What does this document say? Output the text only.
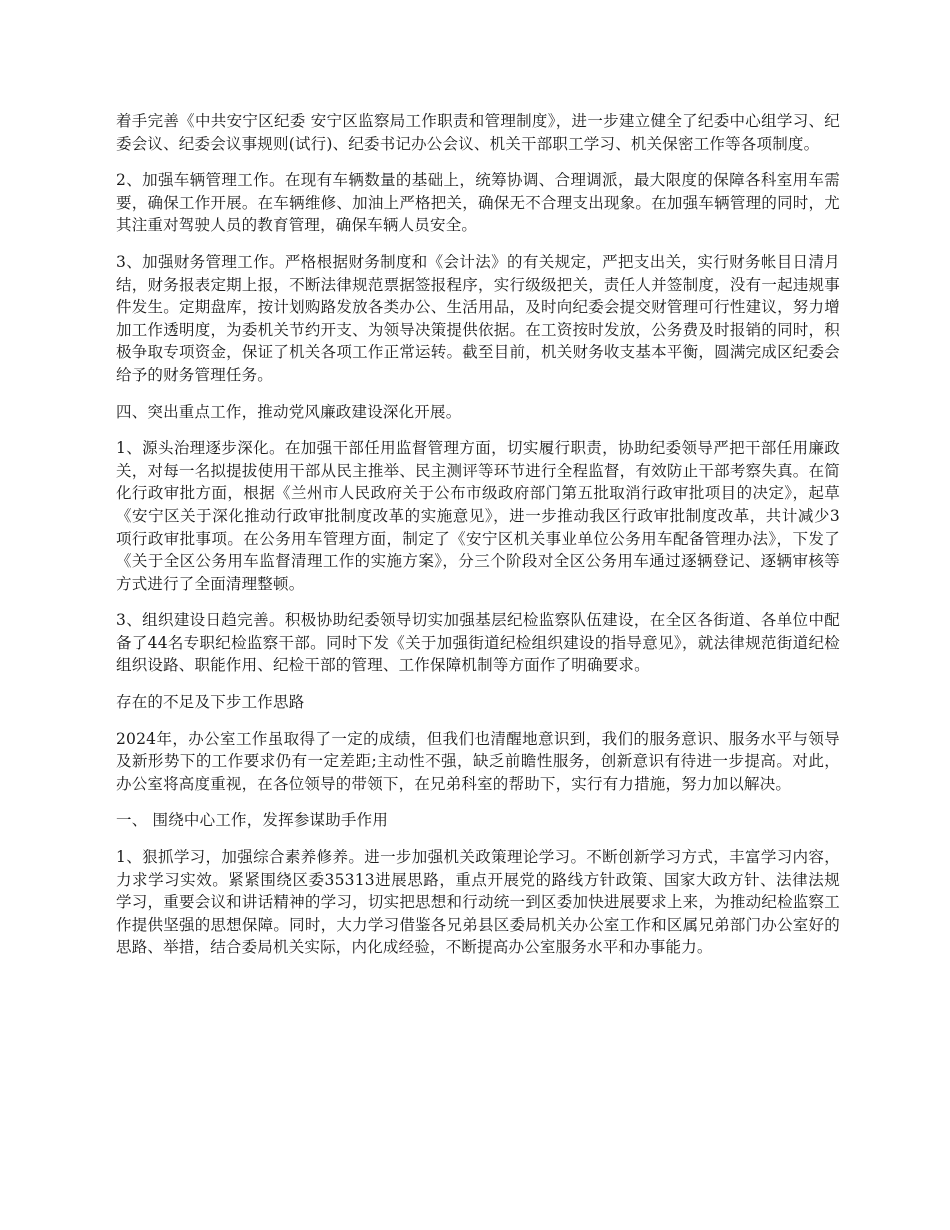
着手完善《中共安宁区纪委 安宁区监察局工作职责和管理制度》，进一步建立健全了纪委中心组学习、纪委会议、纪委会议事规则(试行)、纪委书记办公会议、机关干部职工学习、机关保密工作等各项制度。

2、加强车辆管理工作。在现有车辆数量的基础上，统筹协调、合理调派，最大限度的保障各科室用车需要，确保工作开展。在车辆维修、加油上严格把关，确保无不合理支出现象。在加强车辆管理的同时，尤其注重对驾驶人员的教育管理，确保车辆人员安全。

3、加强财务管理工作。严格根据财务制度和《会计法》的有关规定，严把支出关，实行财务帐目日清月结，财务报表定期上报，不断法律规范票据签报程序，实行级级把关，责任人并签制度，没有一起违规事件发生。定期盘库，按计划购路发放各类办公、生活用品，及时向纪委会提交财管理可行性建议，努力增加工作透明度，为委机关节约开支、为领导决策提供依据。在工资按时发放，公务费及时报销的同时，积极争取专项资金，保证了机关各项工作正常运转。截至目前，机关财务收支基本平衡，圆满完成区纪委会给予的财务管理任务。

四、突出重点工作，推动党风廉政建设深化开展。

1、源头治理逐步深化。在加强干部任用监督管理方面，切实履行职责，协助纪委领导严把干部任用廉政关，对每一名拟提拔使用干部从民主推举、民主测评等环节进行全程监督，有效防止干部考察失真。在简化行政审批方面，根据《兰州市人民政府关于公布市级政府部门第五批取消行政审批项目的决定》，起草《安宁区关于深化推动行政审批制度改革的实施意见》，进一步推动我区行政审批制度改革，共计减少3项行政审批事项。在公务用车管理方面，制定了《安宁区机关事业单位公务用车配备管理办法》，下发了《关于全区公务用车监督清理工作的实施方案》，分三个阶段对全区公务用车通过逐辆登记、逐辆审核等方式进行了全面清理整顿。

3、组织建设日趋完善。积极协助纪委领导切实加强基层纪检监察队伍建设，在全区各街道、各单位中配备了44名专职纪检监察干部。同时下发《关于加强街道纪检组织建设的指导意见》，就法律规范街道纪检组织设路、职能作用、纪检干部的管理、工作保障机制等方面作了明确要求。

存在的不足及下步工作思路

2024年，办公室工作虽取得了一定的成绩，但我们也清醒地意识到，我们的服务意识、服务水平与领导及新形势下的工作要求仍有一定差距;主动性不强，缺乏前瞻性服务，创新意识有待进一步提高。对此，办公室将高度重视，在各位领导的带领下，在兄弟科室的帮助下，实行有力措施，努力加以解决。

一、 围绕中心工作，发挥参谋助手作用

1、狠抓学习，加强综合素养修养。进一步加强机关政策理论学习。不断创新学习方式，丰富学习内容，力求学习实效。紧紧围绕区委35313进展思路，重点开展党的路线方针政策、国家大政方针、法律法规学习，重要会议和讲话精神的学习，切实把思想和行动统一到区委加快进展要求上来，为推动纪检监察工作提供坚强的思想保障。同时，大力学习借鉴各兄弟县区委局机关办公室工作和区属兄弟部门办公室好的思路、举措，结合委局机关实际，内化成经验，不断提高办公室服务水平和办事能力。
